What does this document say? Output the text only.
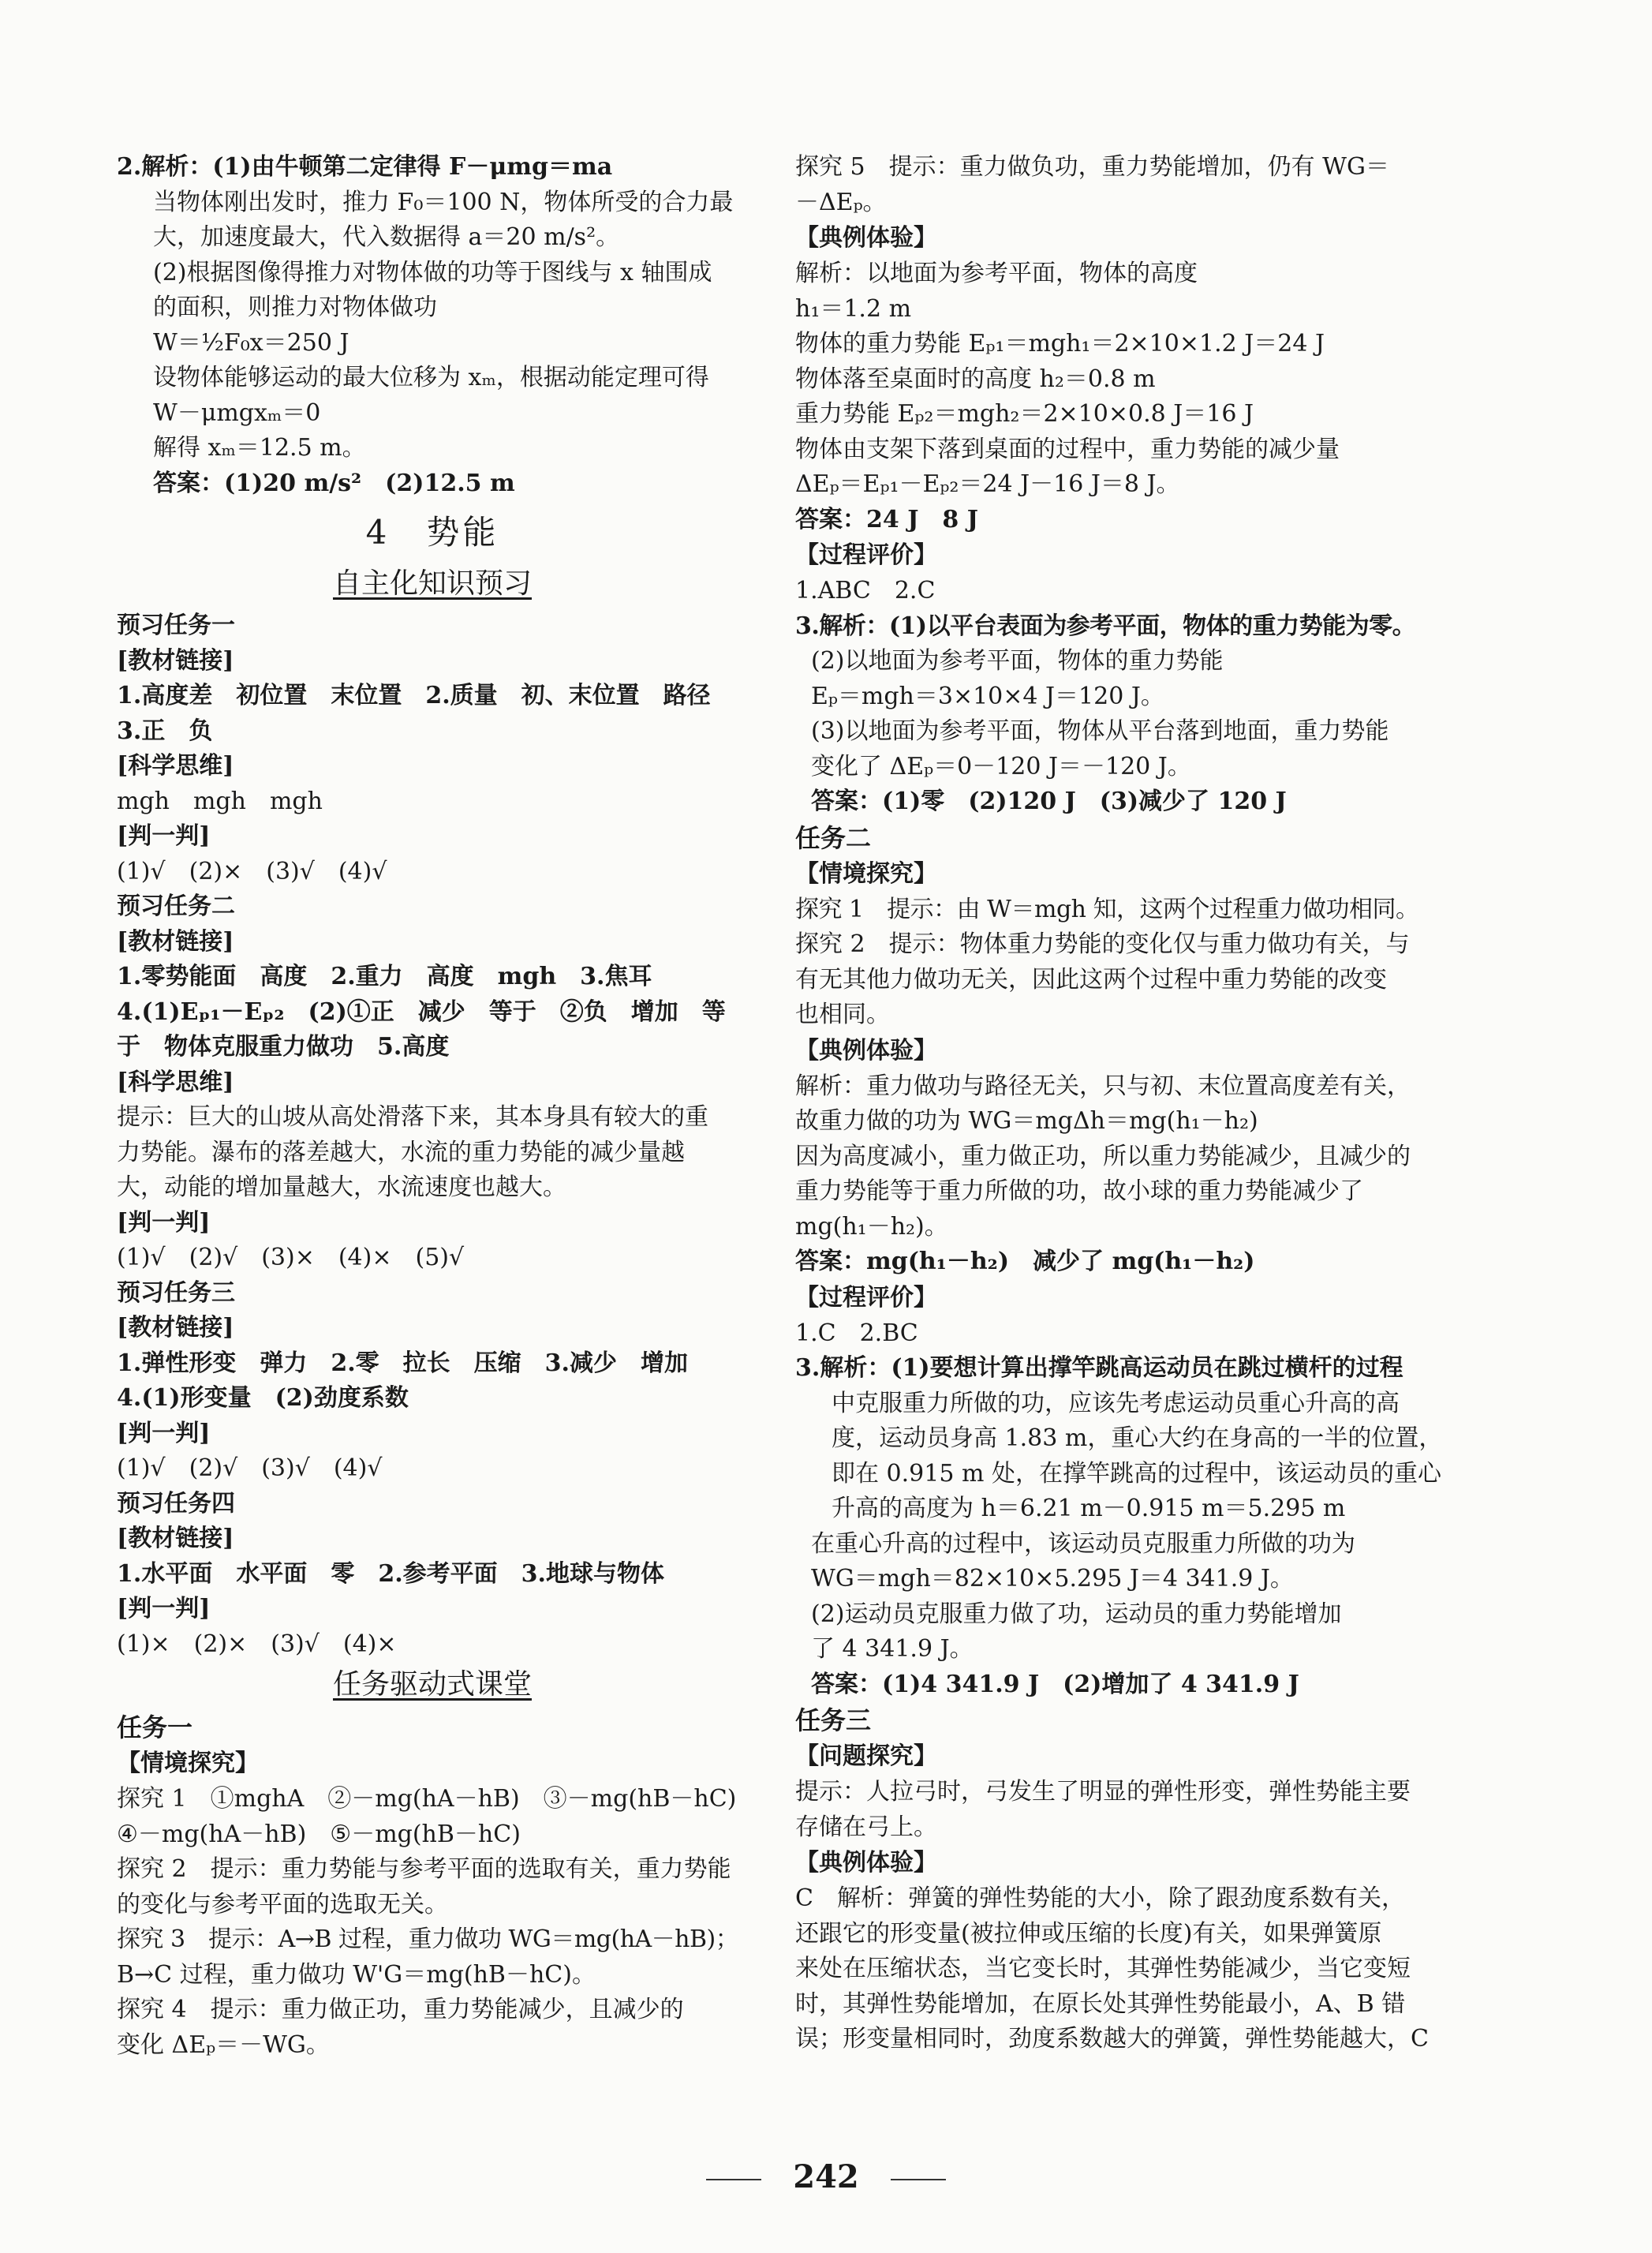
2.解析：(1)由牛顿第二定律得 F－μmg＝ma
当物体刚出发时，推力 F₀＝100 N，物体所受的合力最
大，加速度最大，代入数据得 a＝20 m/s²。
(2)根据图像得推力对物体做的功等于图线与 x 轴围成
的面积，则推力对物体做功
W＝½F₀x＝250 J
设物体能够运动的最大位移为 xₘ，根据动能定理可得
W－μmgxₘ＝0
解得 xₘ＝12.5 m。
答案：(1)20 m/s²　(2)12.5 m
4　势能
自主化知识预习
预习任务一
[教材链接]
1.高度差　初位置　末位置　2.质量　初、末位置　路径
3.正　负
[科学思维]
mgh　mgh　mgh
[判一判]
(1)√　(2)×　(3)√　(4)√
预习任务二
[教材链接]
1.零势能面　高度　2.重力　高度　mgh　3.焦耳
4.(1)Eₚ₁－Eₚ₂　(2)①正　减少　等于　②负　增加　等
于　物体克服重力做功　5.高度
[科学思维]
提示：巨大的山坡从高处滑落下来，其本身具有较大的重
力势能。瀑布的落差越大，水流的重力势能的减少量越
大，动能的增加量越大，水流速度也越大。
[判一判]
(1)√　(2)√　(3)×　(4)×　(5)√
预习任务三
[教材链接]
1.弹性形变　弹力　2.零　拉长　压缩　3.减少　增加
4.(1)形变量　(2)劲度系数
[判一判]
(1)√　(2)√　(3)√　(4)√
预习任务四
[教材链接]
1.水平面　水平面　零　2.参考平面　3.地球与物体
[判一判]
(1)×　(2)×　(3)√　(4)×
任务驱动式课堂
任务一
【情境探究】
探究 1　①mghA　②－mg(hA－hB)　③－mg(hB－hC)
④－mg(hA－hB)　⑤－mg(hB－hC)
探究 2　提示：重力势能与参考平面的选取有关，重力势能
的变化与参考平面的选取无关。
探究 3　提示：A→B 过程，重力做功 WG＝mg(hA－hB)；
B→C 过程，重力做功 W'G＝mg(hB－hC)。
探究 4　提示：重力做正功，重力势能减少，且减少的
变化 ΔEₚ＝－WG。
探究 5　提示：重力做负功，重力势能增加，仍有 WG＝
－ΔEₚ。
【典例体验】
解析：以地面为参考平面，物体的高度
h₁＝1.2 m
物体的重力势能 Eₚ₁＝mgh₁＝2×10×1.2 J＝24 J
物体落至桌面时的高度 h₂＝0.8 m
重力势能 Eₚ₂＝mgh₂＝2×10×0.8 J＝16 J
物体由支架下落到桌面的过程中，重力势能的减少量
ΔEₚ＝Eₚ₁－Eₚ₂＝24 J－16 J＝8 J。
答案：24 J　8 J
【过程评价】
1.ABC　2.C
3.解析：(1)以平台表面为参考平面，物体的重力势能为零。
(2)以地面为参考平面，物体的重力势能
Eₚ＝mgh＝3×10×4 J＝120 J。
(3)以地面为参考平面，物体从平台落到地面，重力势能
变化了 ΔEₚ＝0－120 J＝－120 J。
答案：(1)零　(2)120 J　(3)减少了 120 J
任务二
【情境探究】
探究 1　提示：由 W＝mgh 知，这两个过程重力做功相同。
探究 2　提示：物体重力势能的变化仅与重力做功有关，与
有无其他力做功无关，因此这两个过程中重力势能的改变
也相同。
【典例体验】
解析：重力做功与路径无关，只与初、末位置高度差有关，
故重力做的功为 WG＝mgΔh＝mg(h₁－h₂)
因为高度减小，重力做正功，所以重力势能减少，且减少的
重力势能等于重力所做的功，故小球的重力势能减少了
mg(h₁－h₂)。
答案：mg(h₁－h₂)　减少了 mg(h₁－h₂)
【过程评价】
1.C　2.BC
3.解析：(1)要想计算出撑竿跳高运动员在跳过横杆的过程
中克服重力所做的功，应该先考虑运动员重心升高的高
度，运动员身高 1.83 m，重心大约在身高的一半的位置，
即在 0.915 m 处，在撑竿跳高的过程中，该运动员的重心
升高的高度为 h＝6.21 m－0.915 m＝5.295 m
在重心升高的过程中，该运动员克服重力所做的功为
WG＝mgh＝82×10×5.295 J＝4 341.9 J。
(2)运动员克服重力做了功，运动员的重力势能增加
了 4 341.9 J。
答案：(1)4 341.9 J　(2)增加了 4 341.9 J
任务三
【问题探究】
提示：人拉弓时，弓发生了明显的弹性形变，弹性势能主要
存储在弓上。
【典例体验】
C　解析：弹簧的弹性势能的大小，除了跟劲度系数有关，
还跟它的形变量(被拉伸或压缩的长度)有关，如果弹簧原
来处在压缩状态，当它变长时，其弹性势能减少，当它变短
时，其弹性势能增加，在原长处其弹性势能最小，A、B 错
误；形变量相同时，劲度系数越大的弹簧，弹性势能越大，C
242
